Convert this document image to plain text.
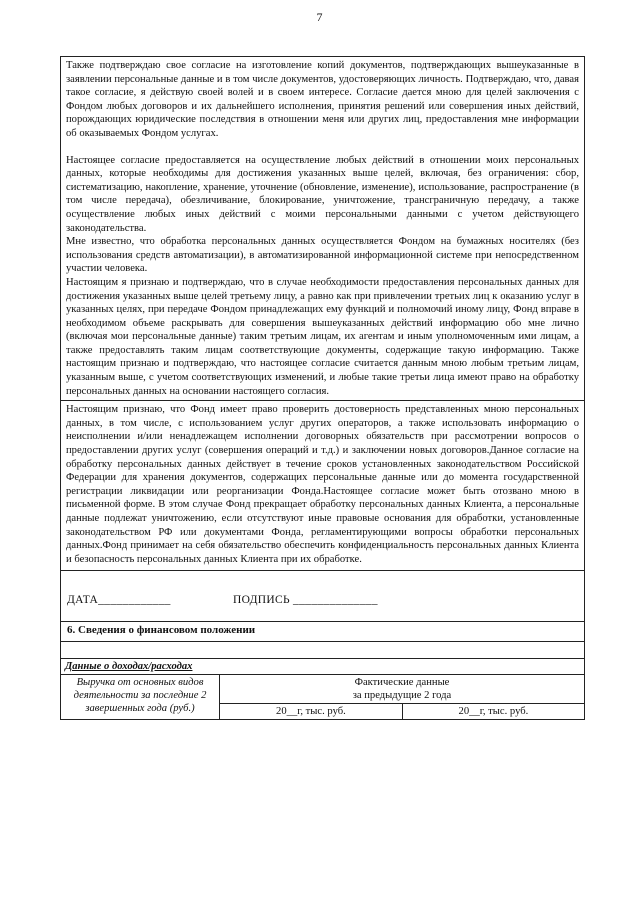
7

Также подтверждаю свое согласие на изготовление копий документов, подтверждающих вышеуказанные в заявлении персональные данные и в том числе документов, удостоверяющих личность. Подтверждаю, что, давая такое согласие, я действую своей волей и в своем интересе. Согласие дается мною для целей заключения с Фондом любых договоров и их дальнейшего исполнения, принятия решений или совершения иных действий, порождающих юридические последствия в отношении меня или других лиц, предоставления мне информации об оказываемых Фондом услугах.

Настоящее согласие предоставляется на осуществление любых действий в отношении моих персональных данных, которые необходимы для достижения указанных выше целей, включая, без ограничения: сбор, систематизацию, накопление, хранение, уточнение (обновление, изменение), использование, распространение (в том числе передача), обезличивание, блокирование, уничтожение, трансграничную передачу, а также осуществление любых иных действий с моими персональными данными с учетом действующего законодательства.

Мне известно, что обработка персональных данных осуществляется Фондом на бумажных носителях (без использования средств автоматизации), в автоматизированной информационной системе при непосредственном участии человека.

Настоящим я признаю и подтверждаю, что в случае необходимости предоставления персональных данных для достижения указанных выше целей третьему лицу, а равно как при привлечении третьих лиц к оказанию услуг в указанных целях, при передаче Фондом принадлежащих ему функций и полномочий иному лицу, Фонд вправе в необходимом объеме раскрывать для совершения вышеуказанных действий информацию обо мне лично (включая мои персональные данные) таким третьим лицам, их агентам и иным уполномоченным ими лицам, а также предоставлять таким лицам соответствующие документы, содержащие такую информацию. Также настоящим признаю и подтверждаю, что настоящее согласие считается данным мною любым третьим лицам, указанным выше, с учетом соответствующих изменений, и любые такие третьи лица имеют право на обработку персональных данных на основании настоящего согласия.

Настоящим признаю, что Фонд имеет право проверить достоверность представленных мною персональных данных, в том числе, с использованием услуг других операторов, а также использовать информацию о неисполнении и/или ненадлежащем исполнении договорных обязательств при рассмотрении вопросов о предоставлении других услуг (совершения операций и т.д.) и заключении новых договоров.Данное согласие на обработку персональных данных действует в течение сроков установленных законодательством Российской Федерации для хранения документов, содержащих персональные данные или до момента государственной регистрации ликвидации или реорганизации Фонда.Настоящее согласие может быть отозвано мною в письменной форме. В этом случае Фонд прекращает обработку персональных данных Клиента, а персональные данные подлежат уничтожению, если отсутствуют иные правовые основания для обработки, установленные законодательством РФ или документами Фонда, регламентирующими вопросы обработки персональных данных.Фонд принимает на себя обязательство обеспечить конфиденциальность персональных данных Клиента и безопасность персональных данных Клиента при их обработке.

ДАТА____________	ПОДПИСЬ ______________
6. Сведения о финансовом положении
Данные о доходах/расходах		
Выручка от основных видов деятельности за последние 2 завершенных года (руб.)	Фактические данные
за предыдущие 2 года	

	20__г, тыс. руб.	20__г, тыс. руб.
